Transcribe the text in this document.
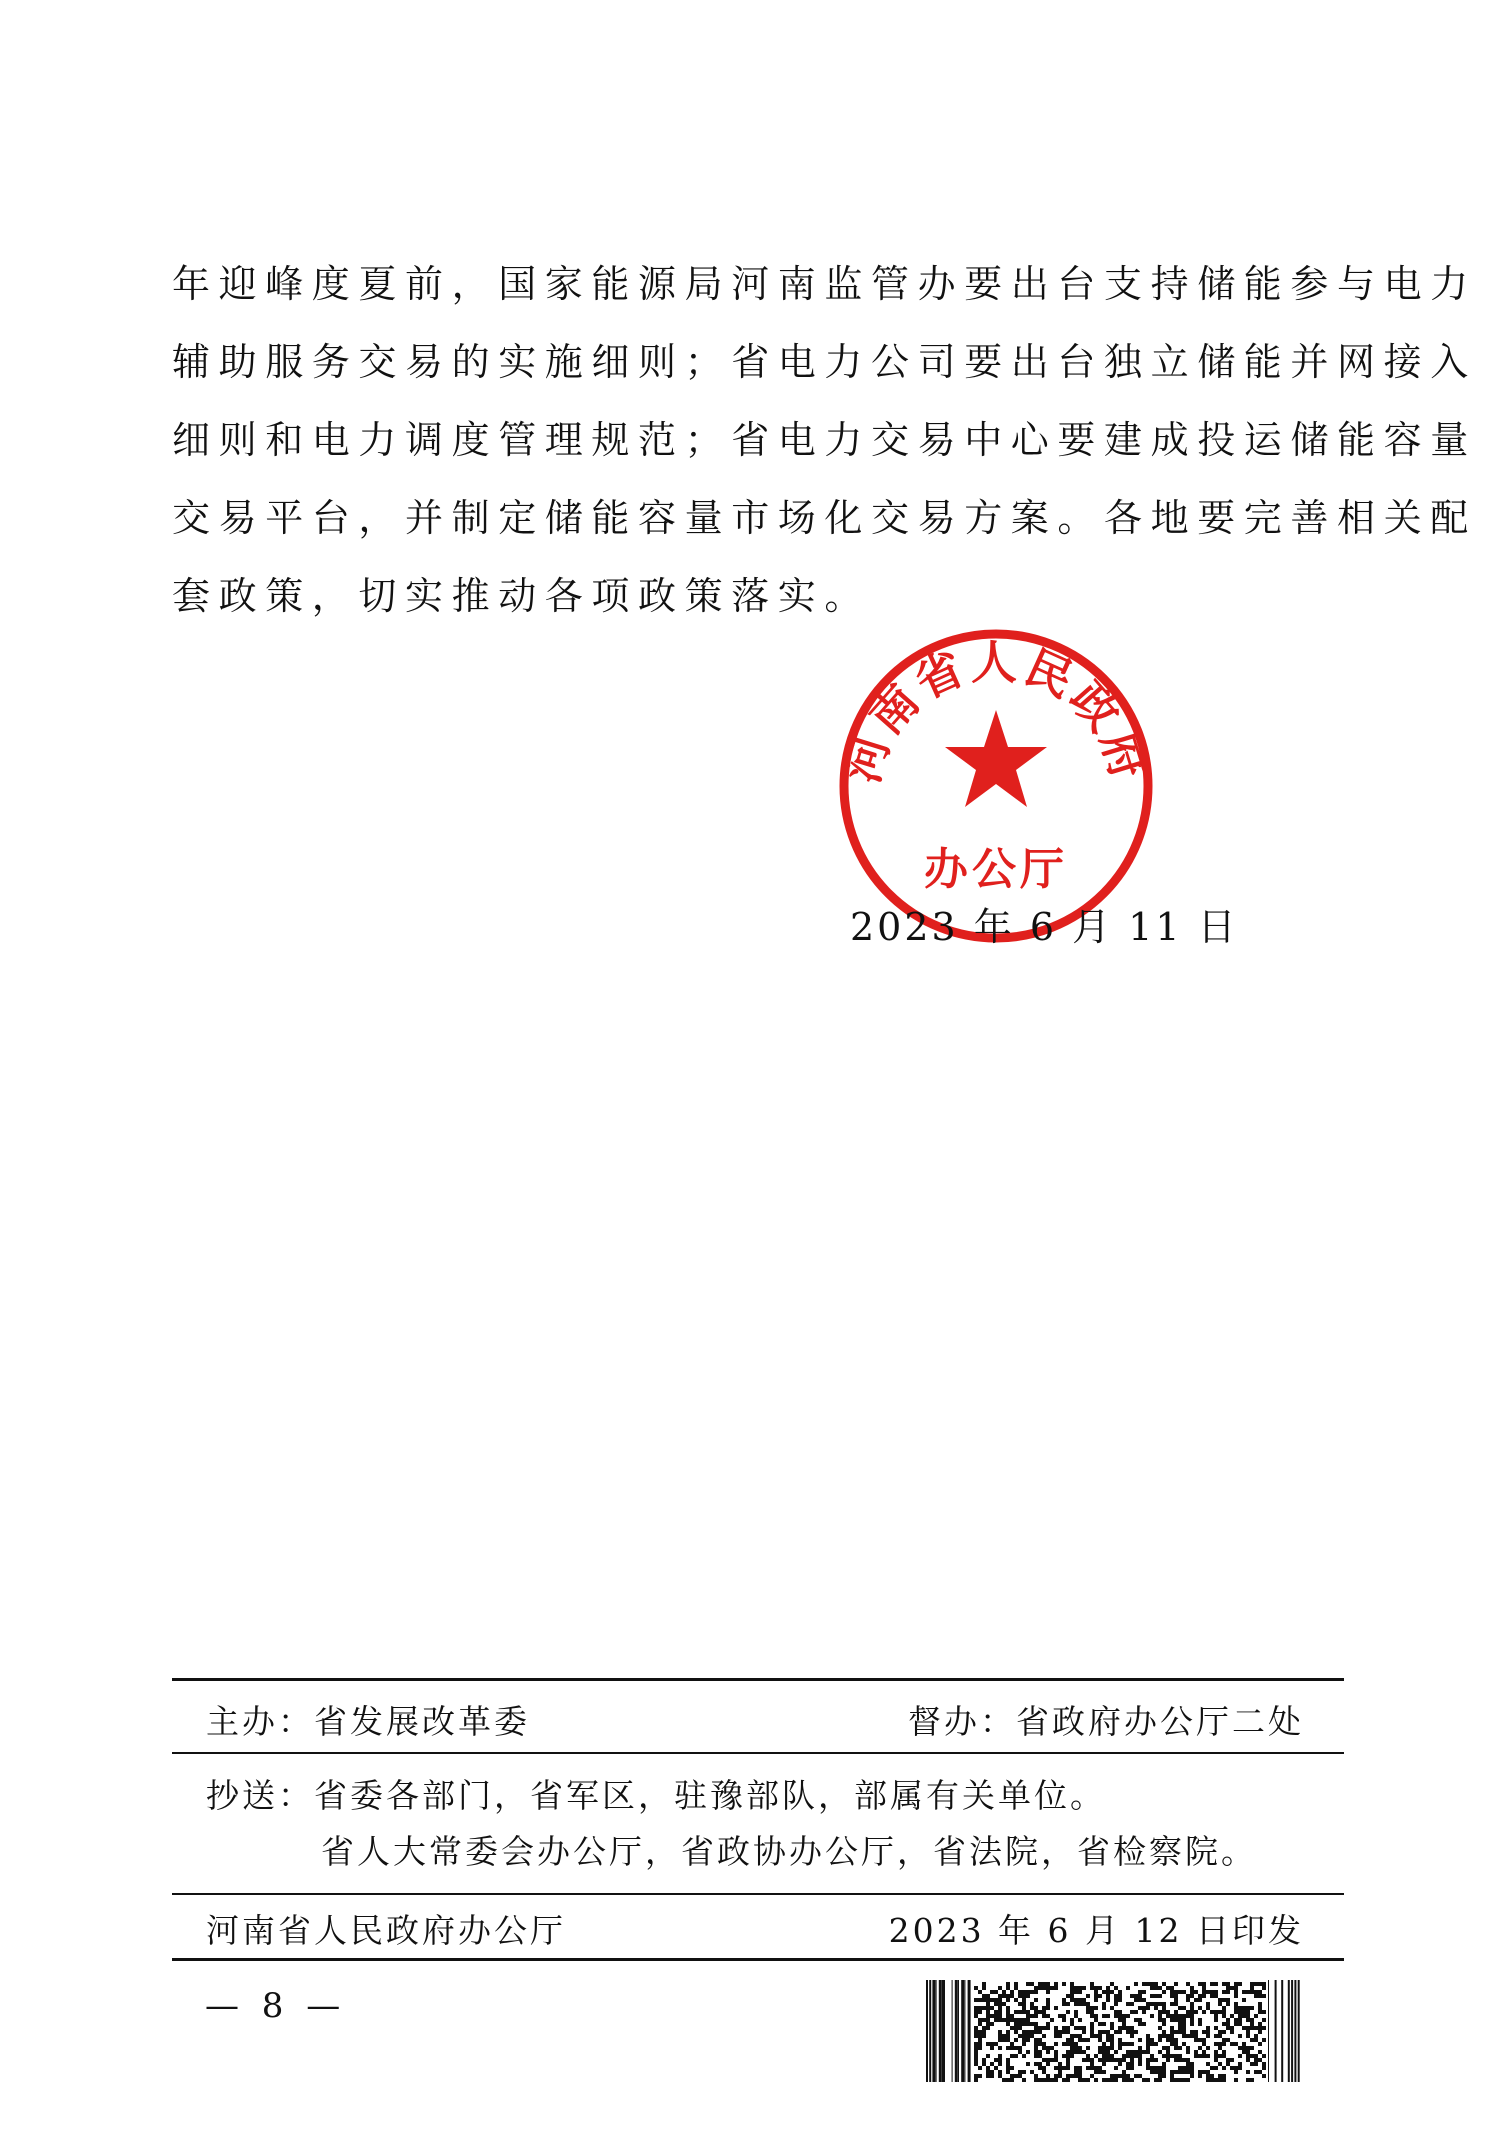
年迎峰度夏前，国家能源局河南监管办要出台支持储能参与电力
辅助服务交易的实施细则；省电力公司要出台独立储能并网接入
细则和电力调度管理规范；省电力交易中心要建成投运储能容量
交易平台，并制定储能容量市场化交易方案。各地要完善相关配
套政策，切实推动各项政策落实。
河南省人民政府
办公厅
2023 年 6 月 11 日
主办：省发展改革委	督办：省政府办公厅二处
抄送：省委各部门，省军区，驻豫部队，部属有关单位。
省人大常委会办公厅，省政协办公厅，省法院，省检察院。
河南省人民政府办公厅	2023 年 6 月 12 日印发
— 8 —
